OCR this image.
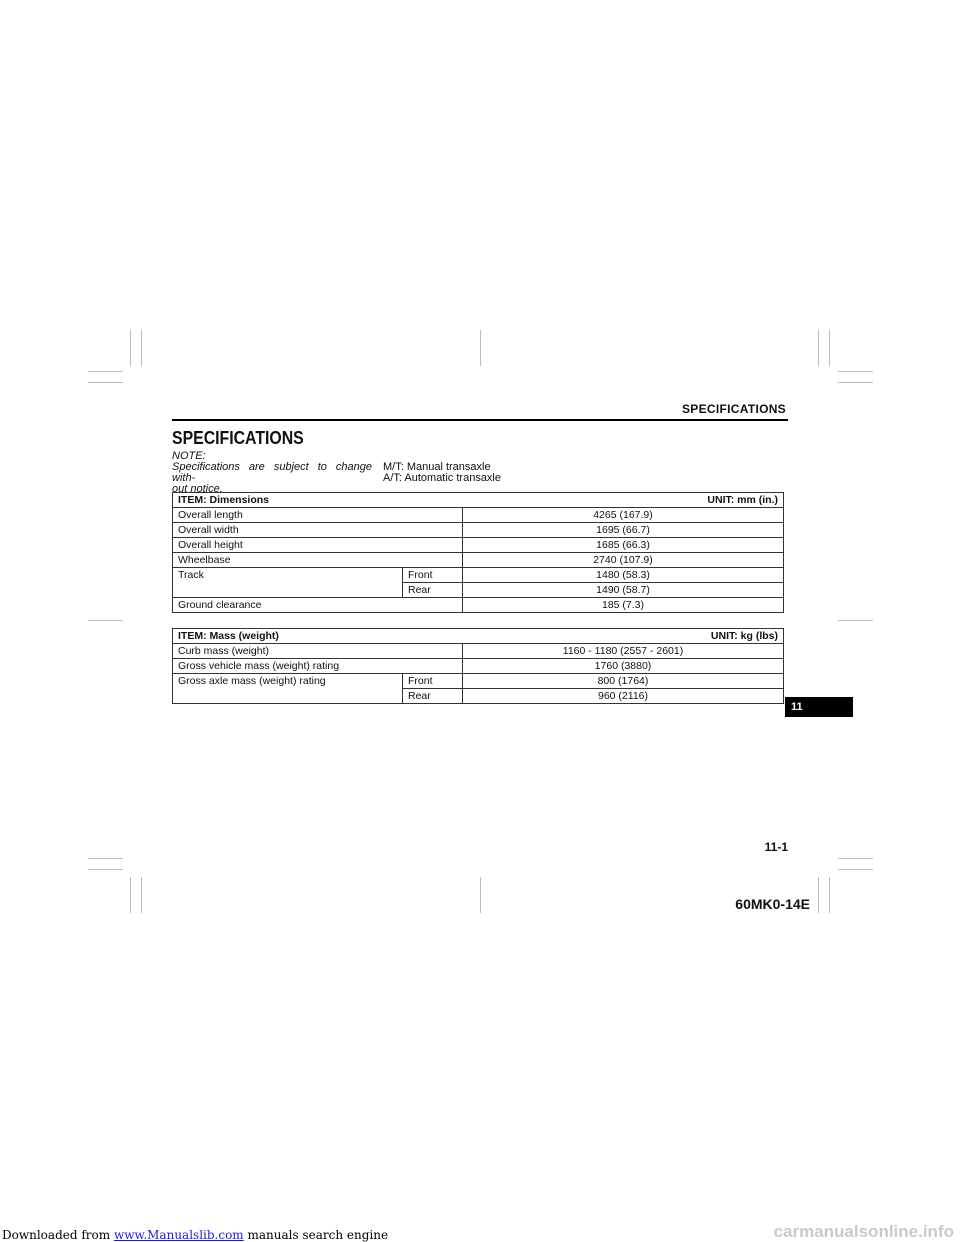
SPECIFICATIONS
SPECIFICATIONS
NOTE:
Specifications are subject to change with-
out notice.
M/T: Manual transaxle
A/T: Automatic transaxle
ITEM: Dimensions UNIT: mm (in.)		

Overall length		4265 (167.9)
Overall width		1695 (66.7)
Overall height		1685 (66.3)
Wheelbase		2740 (107.9)
Track	Front	1480 (58.3)
	Rear	1490 (58.7)
Ground clearance		185 (7.3)
ITEM: Mass (weight) UNIT: kg (lbs)		

Curb mass (weight)		1160 - 1180 (2557 - 2601)
Gross vehicle mass (weight) rating		1760 (3880)
Gross axle mass (weight) rating	Front	800 (1764)
	Rear	960 (2116)
11
11-1
60MK0-14E
Downloaded from www.Manualslib.com manuals search engine	carmanualsonline.info
